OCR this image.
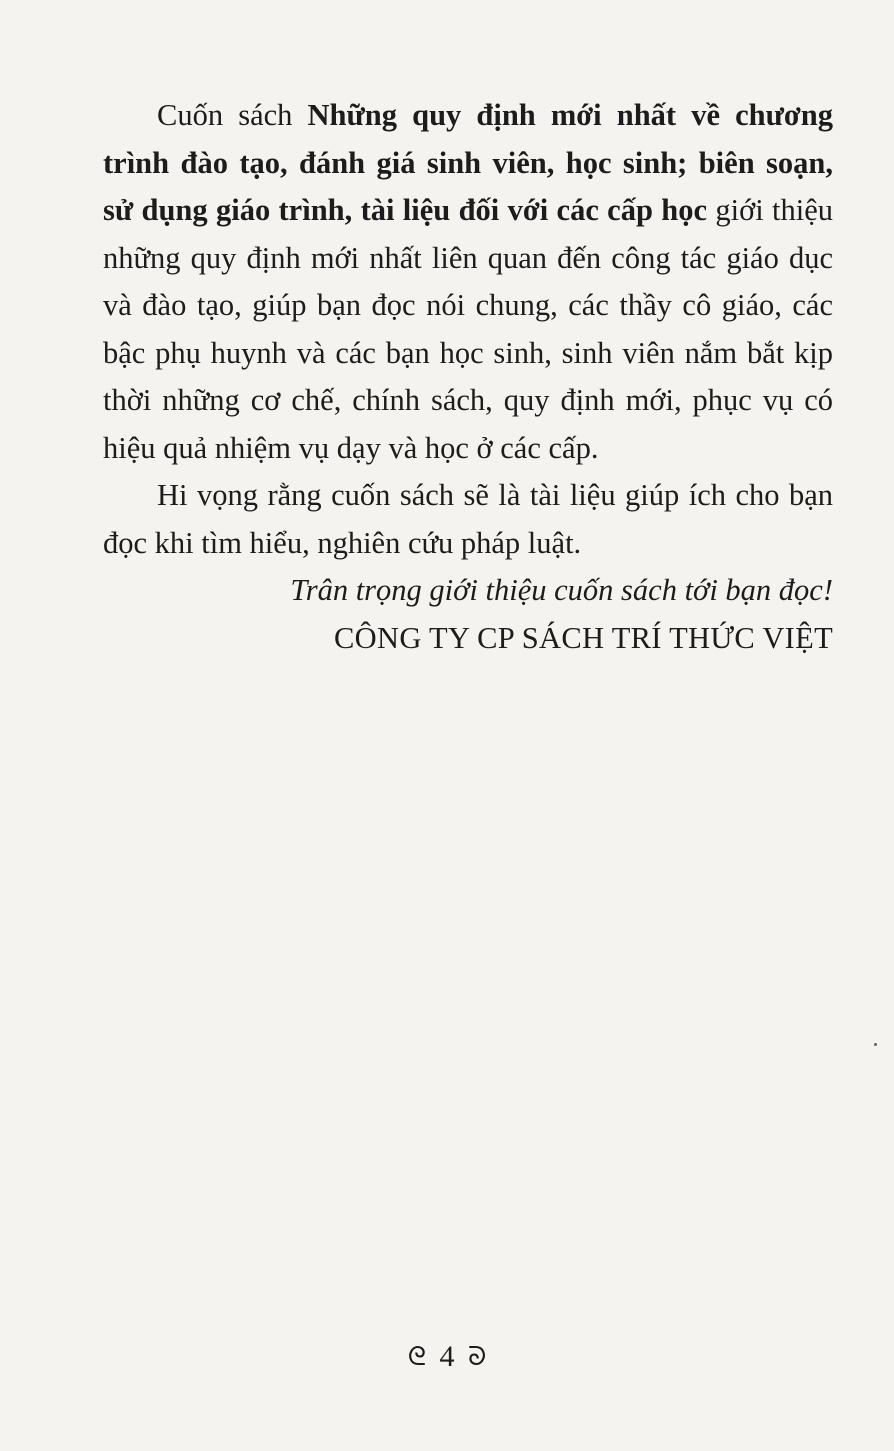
Cuốn sách Những quy định mới nhất về chương trình đào tạo, đánh giá sinh viên, học sinh; biên soạn, sử dụng giáo trình, tài liệu đối với các cấp học giới thiệu những quy định mới nhất liên quan đến công tác giáo dục và đào tạo, giúp bạn đọc nói chung, các thầy cô giáo, các bậc phụ huynh và các bạn học sinh, sinh viên nắm bắt kịp thời những cơ chế, chính sách, quy định mới, phục vụ có hiệu quả nhiệm vụ dạy và học ở các cấp.

Hi vọng rằng cuốn sách sẽ là tài liệu giúp ích cho bạn đọc khi tìm hiểu, nghiên cứu pháp luật.

Trân trọng giới thiệu cuốn sách tới bạn đọc!

CÔNG TY CP SÁCH TRÍ THỨC VIỆT

ᘓ 4 ᘐ
